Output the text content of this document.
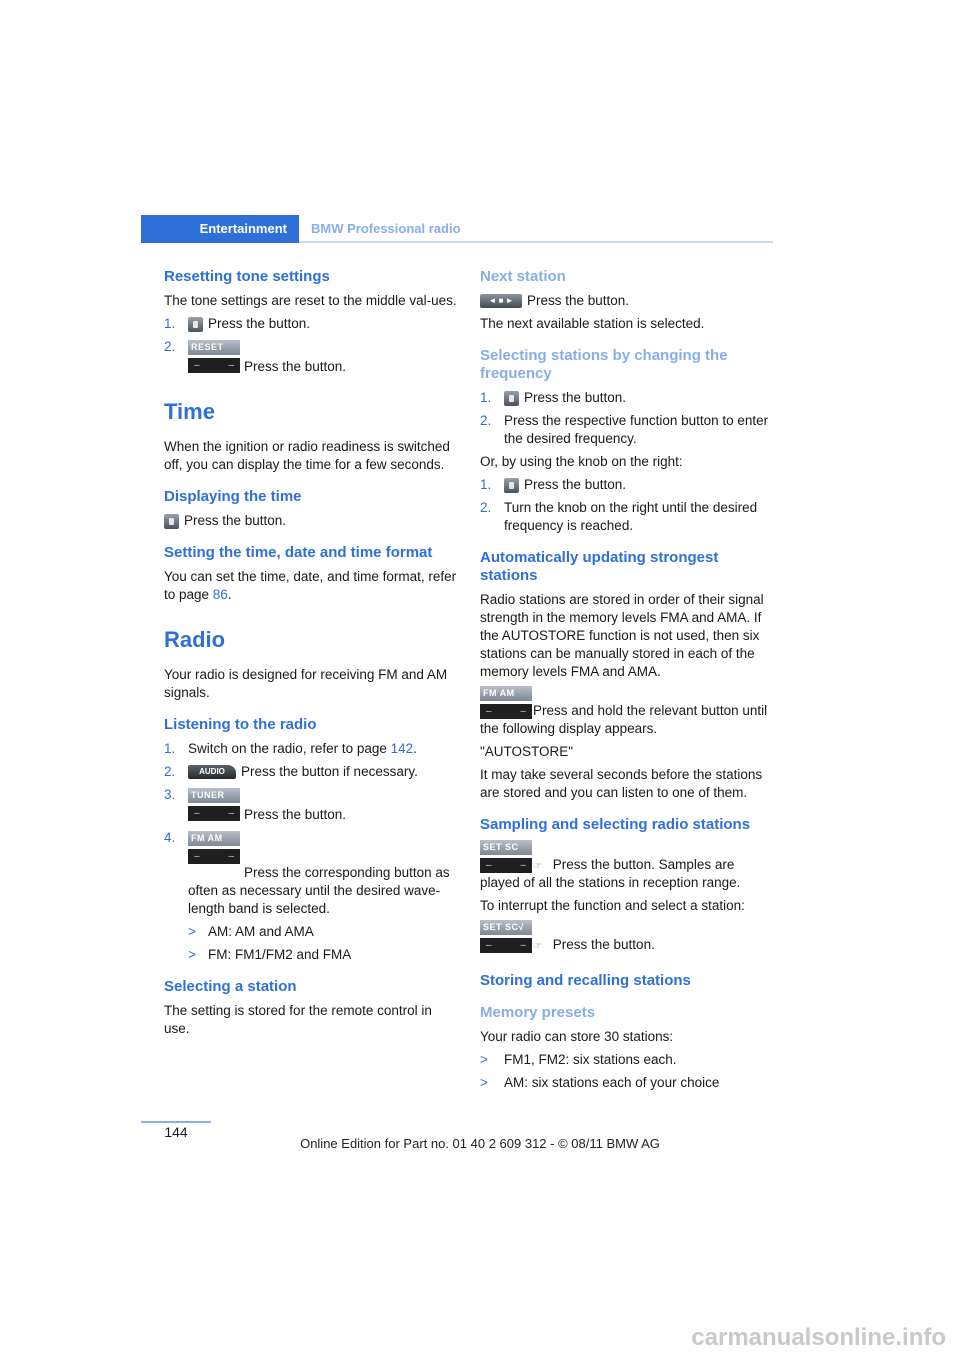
Entertainment	BMW Professional radio
Resetting tone settings

The tone settings are reset to the middle val-ues.

1. Press the button.
2.	RESET
– –
Press the button.
Time

When the ignition or radio readiness is switched off, you can display the time for a few seconds.

Displaying the time

Press the button.

Setting the time, date and time format

You can set the time, date, and time format, refer to page 86.

Radio

Your radio is designed for receiving FM and AM signals.

Listening to the radio
1. Switch on the radio, refer to page 142.
2.	AUDIO Press the button if necessary.
3.	TUNER
– –
Press the button.
4.	FM AM
– –
Press the corresponding button as often as necessary until the desired wave-length band is selected.
> AM: AM and AMA
> FM: FM1/FM2 and FMA
Selecting a station

The setting is stored for the remote control in use.

Next station

◄ ■ ► Press the button.

The next available station is selected.

Selecting stations by changing the frequency
1. Press the button.
2. Press the respective function button to enter the desired frequency.

Or, by using the knob on the right:

1. Press the button.
2. Turn the knob on the right until the desired frequency is reached.
Automatically updating strongest stations

Radio stations are stored in order of their signal strength in the memory levels FMA and AMA. If the AUTOSTORE function is not used, then six stations can be manually stored in each of the memory levels FMA and AMA.

FM AM
– –

Press and hold the relevant button until the following display appears.

"AUTOSTORE"

It may take several seconds before the stations are stored and you can listen to one of them.

Sampling and selecting radio stations
SET SC
– –

☞ Press the button. Samples are played of all the stations in reception range.

To interrupt the function and select a station:

SET SC√
– –

☞ Press the button.

Storing and recalling stations
Memory presets

Your radio can store 30 stations:

> FM1, FM2: six stations each.
> AM: six stations each of your choice
144
Online Edition for Part no. 01 40 2 609 312 - © 08/11 BMW AG
carmanualsonline.info
